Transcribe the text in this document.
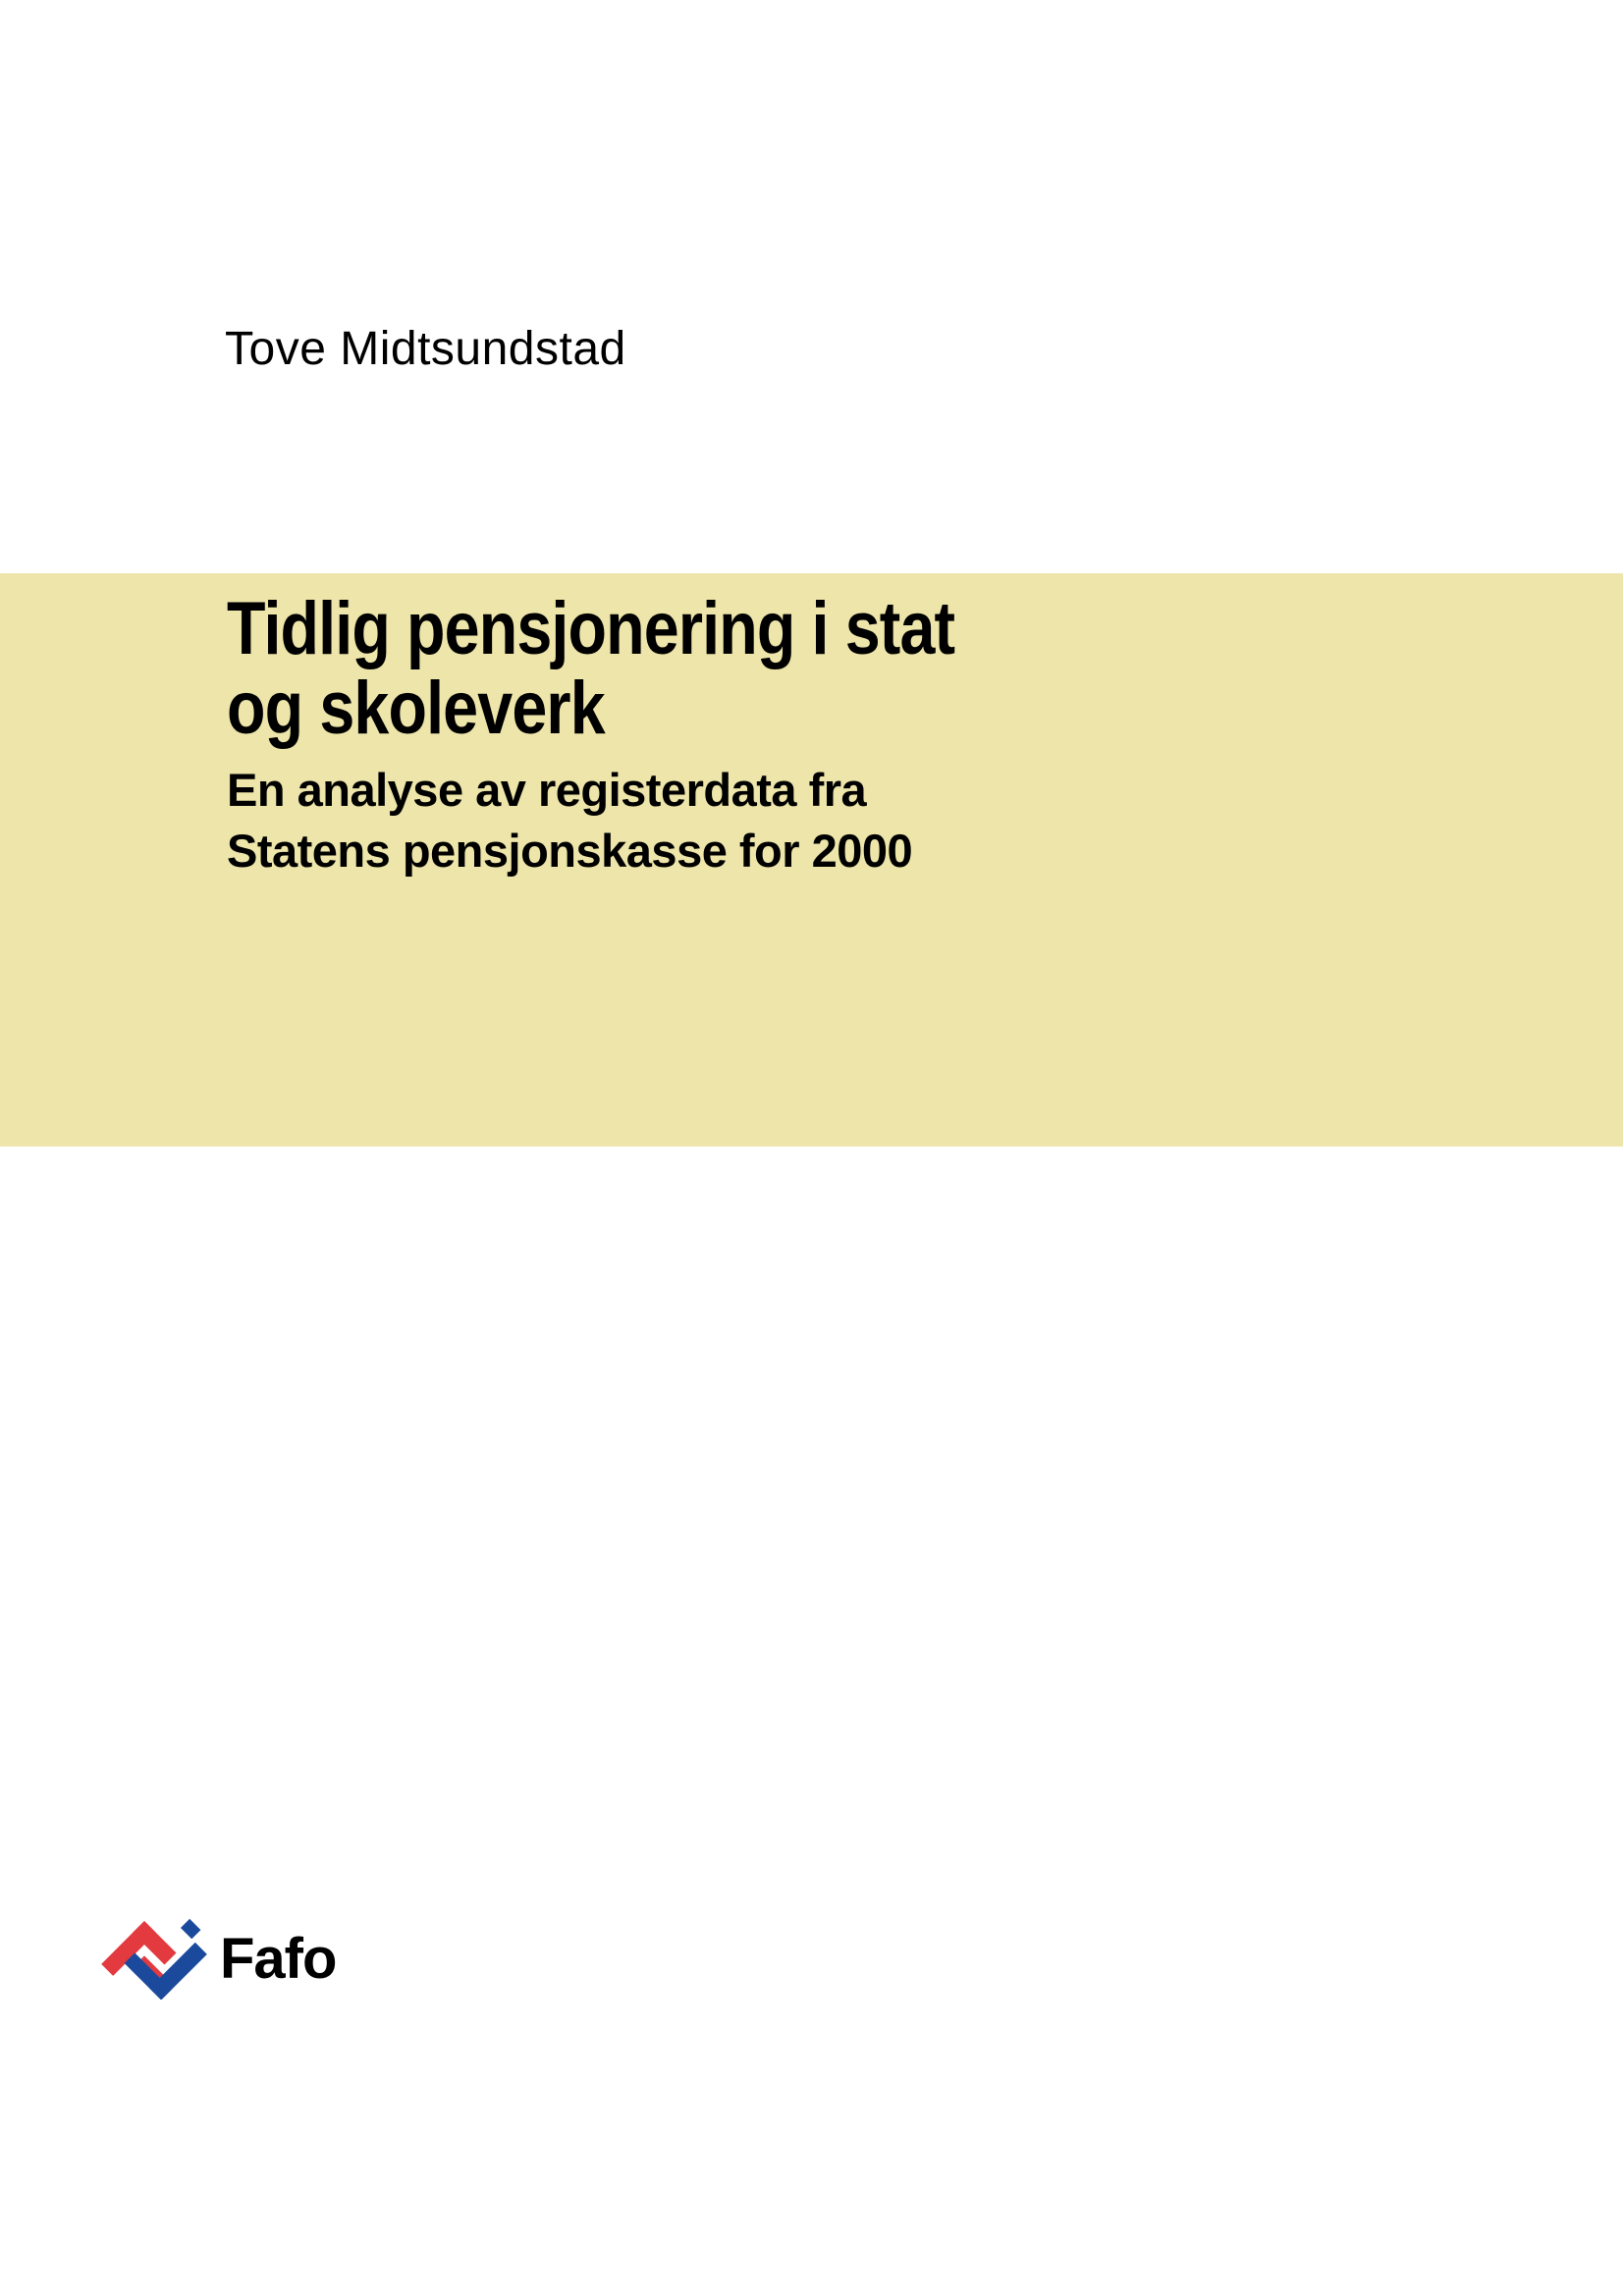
Tove Midtsundstad
Tidlig pensjonering i stat
og skoleverk
En analyse av registerdata fra
Statens pensjonskasse for 2000
Fafo
